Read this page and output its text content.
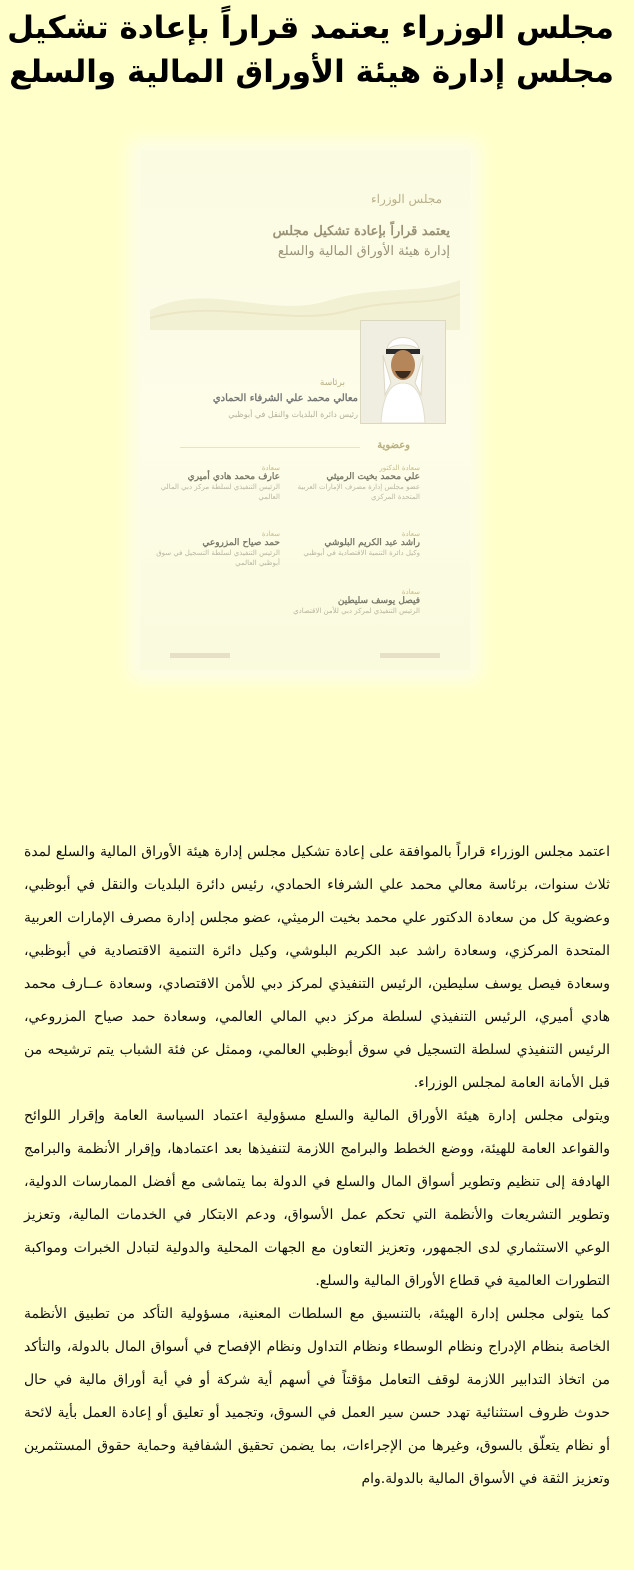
مجلس الوزراء يعتمد قراراً بإعادة تشكيل
مجلس إدارة هيئة الأوراق المالية والسلع
مجلس الوزراء
يعتمد قراراً بإعادة تشكيل مجلس
إدارة هيئة الأوراق المالية والسلع
برئاسة
معالي محمد علي الشرفاء الحمادي
رئيس دائرة البلديات والنقل في أبوظبي
وعضوية
سعادة الدكتور
علي محمد بخيت الرميثي
عضو مجلس إدارة مصرف الإمارات العربية المتحدة المركزي
سعادة
عارف محمد هادي أميري
الرئيس التنفيذي لسلطة مركز دبي المالي العالمي
سعادة
راشد عبد الكريم البلوشي
وكيل دائرة التنمية الاقتصادية في أبوظبي
سعادة
حمد صياح المزروعي
الرئيس التنفيذي لسلطة التسجيل في سوق أبوظبي العالمي
سعادة
فيصل يوسف سليطين
الرئيس التنفيذي لمركز دبي للأمن الاقتصادي

اعتمد مجلس الوزراء قراراً بالموافقة على إعادة تشكيل مجلس إدارة هيئة الأوراق المالية والسلع لمدة ثلاث سنوات، برئاسة معالي محمد علي الشرفاء الحمادي، رئيس دائرة البلديات والنقل في أبوظبي، وعضوية كل من سعادة الدكتور علي محمد بخيت الرميثي، عضو مجلس إدارة مصرف الإمارات العربية المتحدة المركزي، وسعادة راشد عبد الكريم البلوشي، وكيل دائرة التنمية الاقتصادية في أبوظبي، وسعادة فيصل يوسف سليطين، الرئيس التنفيذي لمركز دبي للأمن الاقتصادي، وسعادة عــارف محمد هادي أميري، الرئيس التنفيذي لسلطة مركز دبي المالي العالمي، وسعادة حمد صياح المزروعي، الرئيس التنفيذي لسلطة التسجيل في سوق أبوظبي العالمي، وممثل عن فئة الشباب يتم ترشيحه من قبل الأمانة العامة لمجلس الوزراء.

ويتولى مجلس إدارة هيئة الأوراق المالية والسلع مسؤولية اعتماد السياسة العامة وإقرار اللوائح والقواعد العامة للهيئة، ووضع الخطط والبرامج اللازمة لتنفيذها بعد اعتمادها، وإقرار الأنظمة والبرامج الهادفة إلى تنظيم وتطوير أسواق المال والسلع في الدولة بما يتماشى مع أفضل الممارسات الدولية، وتطوير التشريعات والأنظمة التي تحكم عمل الأسواق، ودعم الابتكار في الخدمات المالية، وتعزيز الوعي الاستثماري لدى الجمهور، وتعزيز التعاون مع الجهات المحلية والدولية لتبادل الخبرات ومواكبة التطورات العالمية في قطاع الأوراق المالية والسلع.

كما يتولى مجلس إدارة الهيئة، بالتنسيق مع السلطات المعنية، مسؤولية التأكد من تطبيق الأنظمة الخاصة بنظام الإدراج ونظام الوسطاء ونظام التداول ونظام الإفصاح في أسواق المال بالدولة، والتأكد من اتخاذ التدابير اللازمة لوقف التعامل مؤقتاً في أسهم أية شركة أو في أية أوراق مالية في حال حدوث ظروف استثنائية تهدد حسن سير العمل في السوق، وتجميد أو تعليق أو إعادة العمل بأية لائحة أو نظام يتعلّق بالسوق، وغيرها من الإجراءات، بما يضمن تحقيق الشفافية وحماية حقوق المستثمرين وتعزيز الثقة في الأسواق المالية بالدولة.وام
